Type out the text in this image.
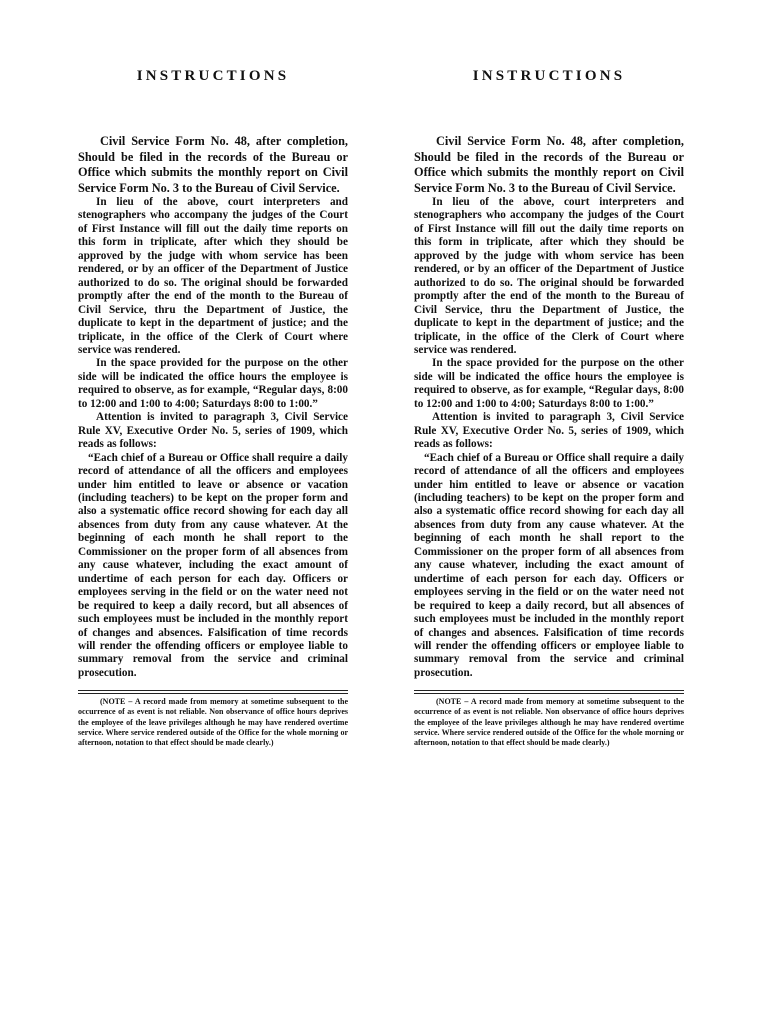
INSTRUCTIONS

Civil Service Form No. 48, after completion, Should be filed in the records of the Bureau or Office which submits the monthly report on Civil Service Form No. 3 to the Bureau of Civil Service.

In lieu of the above, court interpreters and stenographers who accompany the judges of the Court of First Instance will fill out the daily time reports on this form in triplicate, after which they should be approved by the judge with whom service has been rendered, or by an officer of the Department of Justice authorized to do so. The original should be forwarded promptly after the end of the month to the Bureau of Civil Service, thru the Department of Justice, the duplicate to kept in the department of justice; and the triplicate, in the office of the Clerk of Court where service was rendered.

In the space provided for the purpose on the other side will be indicated the office hours the employee is required to observe, as for example, “Regular days, 8:00 to 12:00 and 1:00 to 4:00; Saturdays 8:00 to 1:00.”

Attention is invited to paragraph 3, Civil Service Rule XV, Executive Order No. 5, series of 1909, which reads as follows:

“Each chief of a Bureau or Office shall require a daily record of attendance of all the officers and employees under him entitled to leave or absence or vacation (including teachers) to be kept on the proper form and also a systematic office record showing for each day all absences from duty from any cause whatever. At the beginning of each month he shall report to the Commissioner on the proper form of all absences from any cause whatever, including the exact amount of undertime of each person for each day. Officers or employees serving in the field or on the water need not be required to keep a daily record, but all absences of such employees must be included in the monthly report of changes and absences. Falsification of time records will render the offending officers or employee liable to summary removal from the service and criminal prosecution.

(NOTE – A record made from memory at sometime subsequent to the occurrence of as event is not reliable. Non observance of office hours deprives the employee of the leave privileges although he may have rendered overtime service. Where service rendered outside of the Office for the whole morning or afternoon, notation to that effect should be made clearly.)

INSTRUCTIONS

Civil Service Form No. 48, after completion, Should be filed in the records of the Bureau or Office which submits the monthly report on Civil Service Form No. 3 to the Bureau of Civil Service.

In lieu of the above, court interpreters and stenographers who accompany the judges of the Court of First Instance will fill out the daily time reports on this form in triplicate, after which they should be approved by the judge with whom service has been rendered, or by an officer of the Department of Justice authorized to do so. The original should be forwarded promptly after the end of the month to the Bureau of Civil Service, thru the Department of Justice, the duplicate to kept in the department of justice; and the triplicate, in the office of the Clerk of Court where service was rendered.

In the space provided for the purpose on the other side will be indicated the office hours the employee is required to observe, as for example, “Regular days, 8:00 to 12:00 and 1:00 to 4:00; Saturdays 8:00 to 1:00.”

Attention is invited to paragraph 3, Civil Service Rule XV, Executive Order No. 5, series of 1909, which reads as follows:

“Each chief of a Bureau or Office shall require a daily record of attendance of all the officers and employees under him entitled to leave or absence or vacation (including teachers) to be kept on the proper form and also a systematic office record showing for each day all absences from duty from any cause whatever. At the beginning of each month he shall report to the Commissioner on the proper form of all absences from any cause whatever, including the exact amount of undertime of each person for each day. Officers or employees serving in the field or on the water need not be required to keep a daily record, but all absences of such employees must be included in the monthly report of changes and absences. Falsification of time records will render the offending officers or employee liable to summary removal from the service and criminal prosecution.

(NOTE – A record made from memory at sometime subsequent to the occurrence of as event is not reliable. Non observance of office hours deprives the employee of the leave privileges although he may have rendered overtime service. Where service rendered outside of the Office for the whole morning or afternoon, notation to that effect should be made clearly.)
